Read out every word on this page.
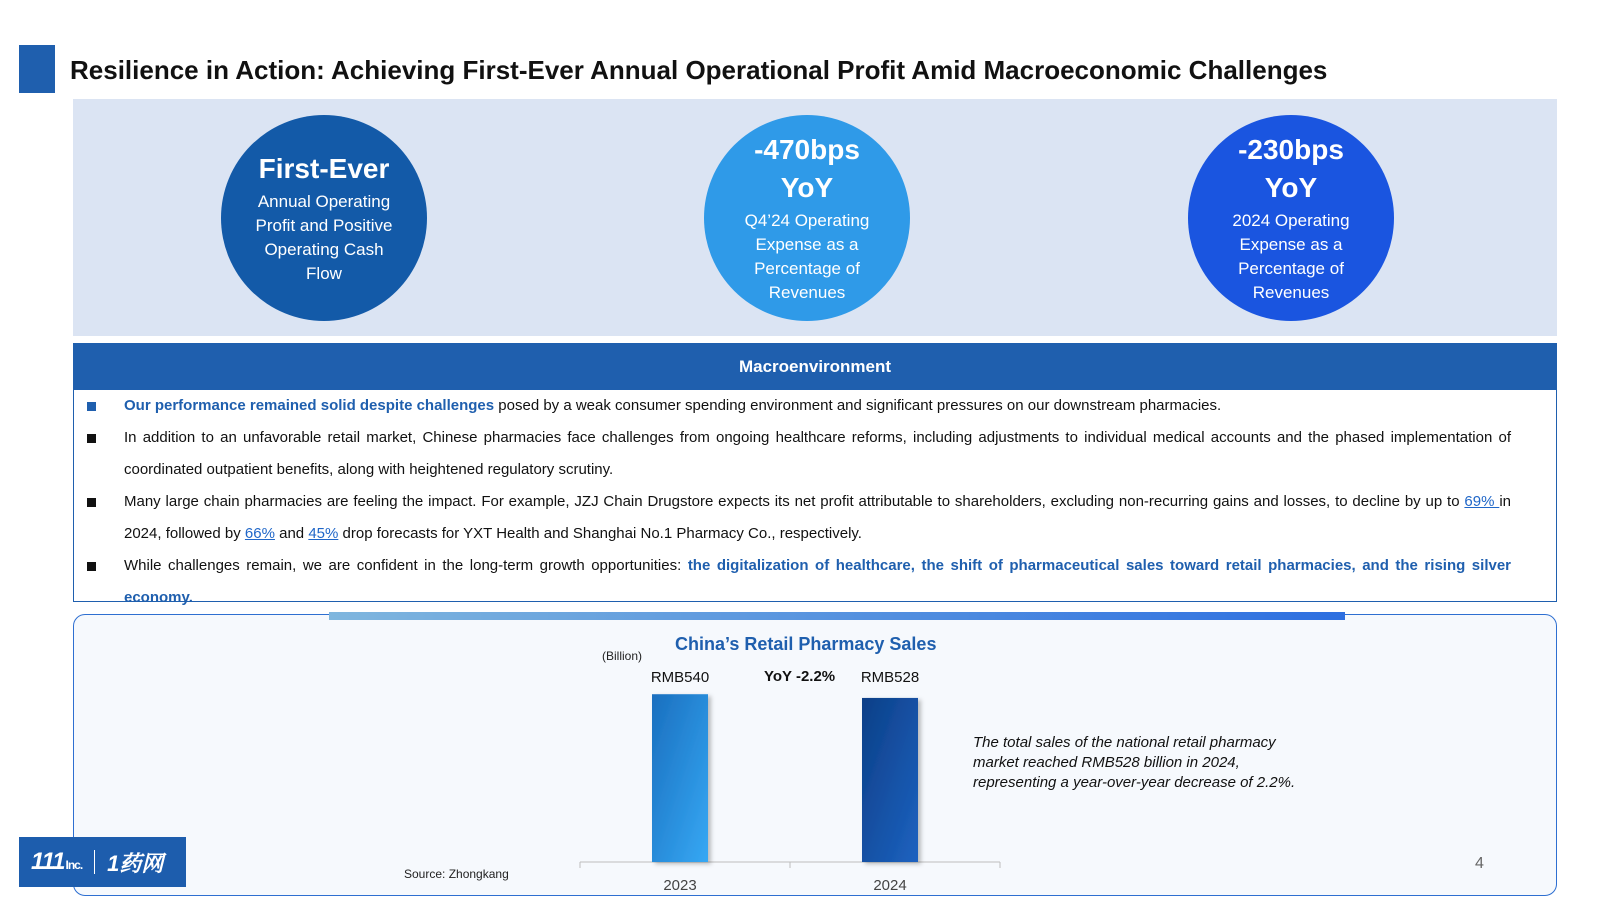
Resilience in Action: Achieving First-Ever Annual Operational Profit Amid Macroeconomic Challenges
First-Ever
Annual Operating Profit and Positive Operating Cash Flow
-470bps
YoY
Q4’24 Operating Expense as a Percentage of Revenues
-230bps
YoY
2024 Operating Expense as a Percentage of Revenues
Macroenvironment
Our performance remained solid despite challenges posed by a weak consumer spending environment and significant pressures on our downstream pharmacies.
In addition to an unfavorable retail market, Chinese pharmacies face challenges from ongoing healthcare reforms, including adjustments to individual medical accounts and the phased implementation of coordinated outpatient benefits, along with heightened regulatory scrutiny.
Many large chain pharmacies are feeling the impact. For example, JZJ Chain Drugstore expects its net profit attributable to shareholders, excluding non-recurring gains and losses, to decline by up to 69% in 2024, followed by 66% and 45% drop forecasts for YXT Health and Shanghai No.1 Pharmacy Co., respectively.
While challenges remain, we are confident in the long-term growth opportunities: the digitalization of healthcare, the shift of pharmaceutical sales toward retail pharmacies, and the rising silver economy.
China’s Retail Pharmacy Sales
(Billion)
YoY -2.2%
RMB540
2023
RMB528
2024
The total sales of the national retail pharmacy market reached RMB528 billion in 2024, representing a year-over-year decrease of 2.2%.
Source: Zhongkang
4
111Inc. 1药网
